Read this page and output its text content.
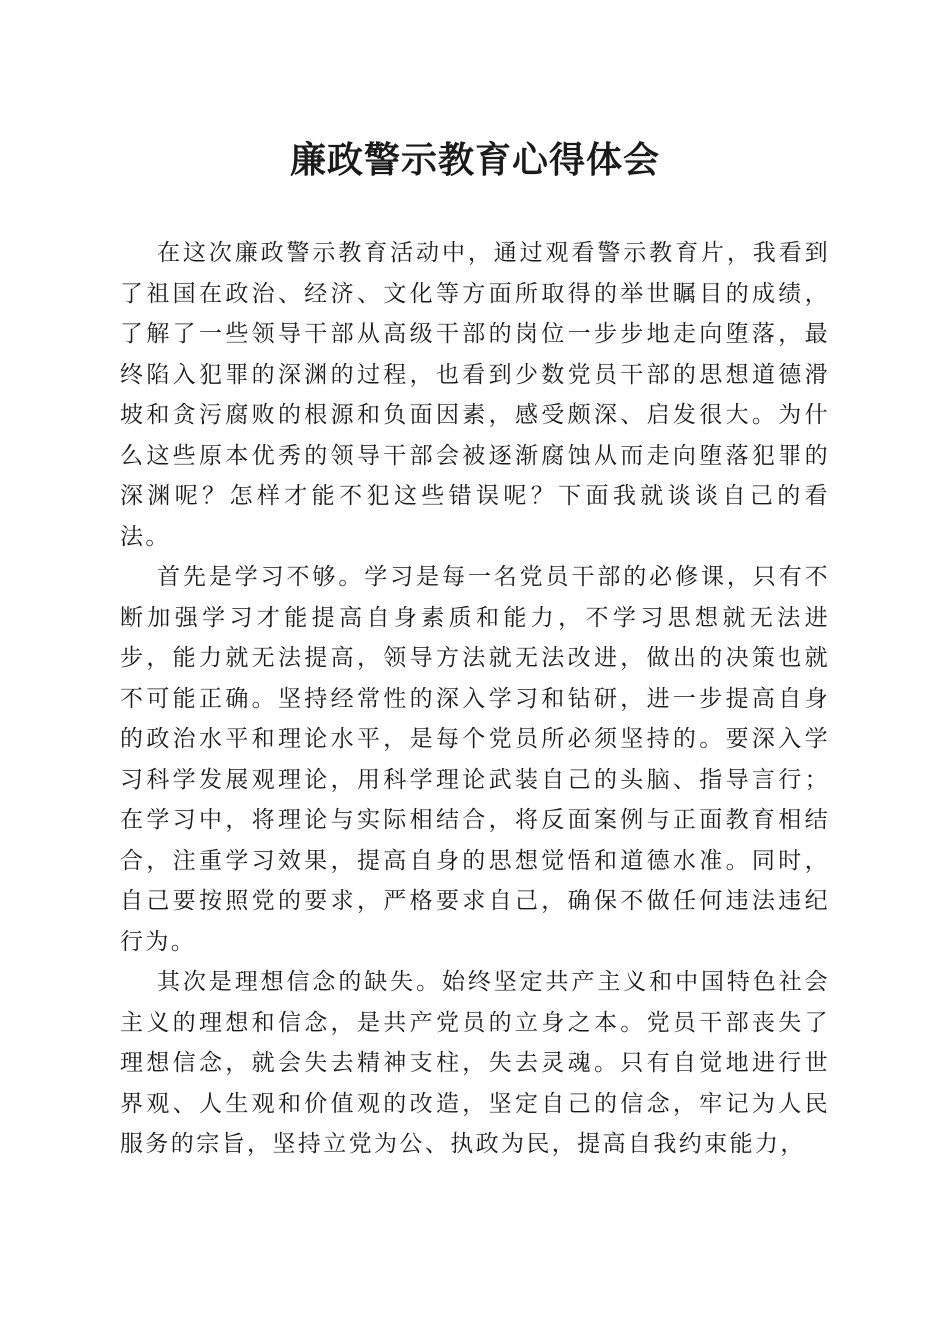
廉政警示教育心得体会

在这次廉政警示教育活动中，通过观看警示教育片，我看到了祖国在政治、经济、文化等方面所取得的举世瞩目的成绩，了解了一些领导干部从高级干部的岗位一步步地走向堕落，最终陷入犯罪的深渊的过程，也看到少数党员干部的思想道德滑坡和贪污腐败的根源和负面因素，感受颇深、启发很大。为什么这些原本优秀的领导干部会被逐渐腐蚀从而走向堕落犯罪的深渊呢？怎样才能不犯这些错误呢？下面我就谈谈自己的看法。

首先是学习不够。学习是每一名党员干部的必修课，只有不断加强学习才能提高自身素质和能力，不学习思想就无法进步，能力就无法提高，领导方法就无法改进，做出的决策也就不可能正确。坚持经常性的深入学习和钻研，进一步提高自身的政治水平和理论水平，是每个党员所必须坚持的。要深入学习科学发展观理论，用科学理论武装自己的头脑、指导言行；在学习中，将理论与实际相结合，将反面案例与正面教育相结合，注重学习效果，提高自身的思想觉悟和道德水准。同时，自己要按照党的要求，严格要求自己，确保不做任何违法违纪行为。

其次是理想信念的缺失。始终坚定共产主义和中国特色社会主义的理想和信念，是共产党员的立身之本。党员干部丧失了理想信念，就会失去精神支柱，失去灵魂。只有自觉地进行世界观、人生观和价值观的改造，坚定自己的信念，牢记为人民服务的宗旨，坚持立党为公、执政为民，提高自我约束能力，
